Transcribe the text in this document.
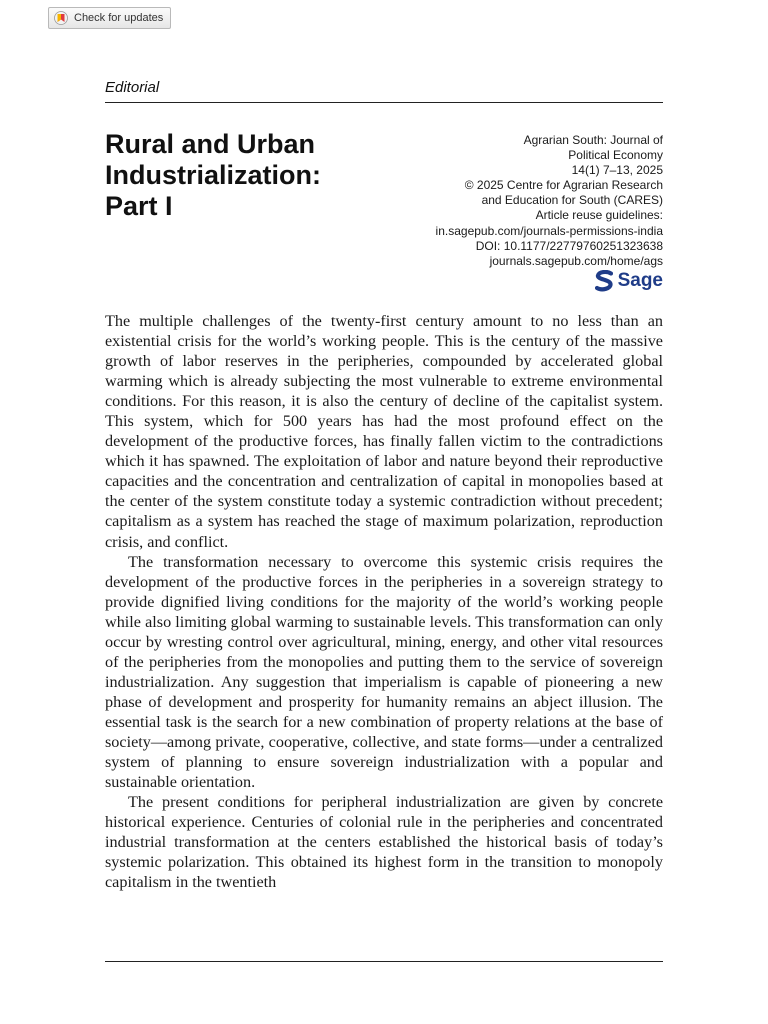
Check for updates
Editorial
Rural and Urban
Industrialization:
Part I
Agrarian South: Journal of
Political Economy
14(1) 7–13, 2025
© 2025 Centre for Agrarian Research
and Education for South (CARES)
Article reuse guidelines:
in.sagepub.com/journals-permissions-india
DOI: 10.1177/22779760251323638
journals.sagepub.com/home/ags
Sage

The multiple challenges of the twenty-first century amount to no less than an existential crisis for the world’s working people. This is the century of the massive growth of labor reserves in the peripheries, compounded by accelerated global warming which is already subjecting the most vulnerable to extreme environmental conditions. For this reason, it is also the century of decline of the capitalist system. This system, which for 500 years has had the most profound effect on the development of the productive forces, has finally fallen victim to the contradictions which it has spawned. The exploitation of labor and nature beyond their reproductive capacities and the concentration and centralization of capital in monopolies based at the center of the system constitute today a systemic contradiction without precedent; capitalism as a system has reached the stage of maximum polarization, reproduction crisis, and conflict.

The transformation necessary to overcome this systemic crisis requires the development of the productive forces in the peripheries in a sovereign strategy to provide dignified living conditions for the majority of the world’s working people while also limiting global warming to sustainable levels. This transformation can only occur by wresting control over agricultural, mining, energy, and other vital resources of the peripheries from the monopolies and putting them to the service of sovereign industrialization. Any suggestion that imperialism is capable of pioneering a new phase of development and prosperity for humanity remains an abject illusion. The essential task is the search for a new combination of property relations at the base of society—among private, cooperative, collective, and state forms—under a centralized system of planning to ensure sovereign industrialization with a popular and sustainable orientation.

The present conditions for peripheral industrialization are given by concrete historical experience. Centuries of colonial rule in the peripheries and concentrated industrial transformation at the centers established the historical basis of today’s systemic polarization. This obtained its highest form in the transition to monopoly capitalism in the twentieth
